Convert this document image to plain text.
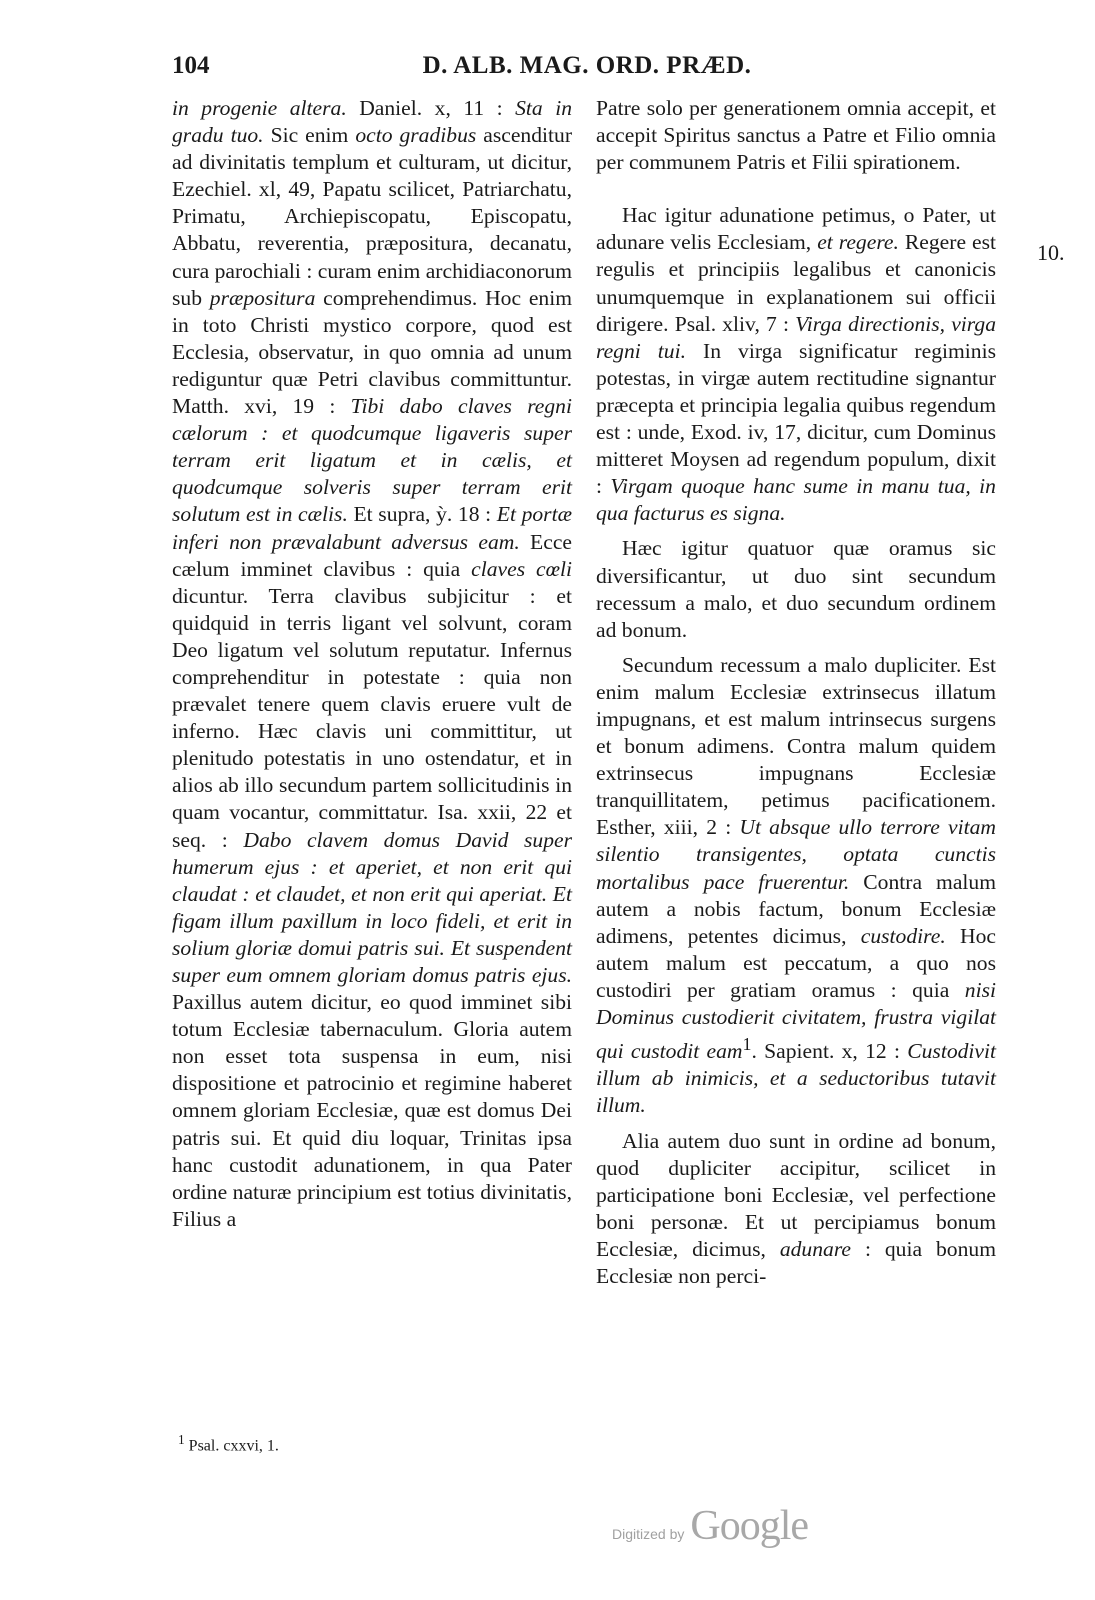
104	D. ALB. MAG. ORD. PRÆD.

in progenie altera. Daniel. x, 11 : Sta in gradu tuo. Sic enim octo gradibus ascenditur ad divinitatis templum et culturam, ut dicitur, Ezechiel. xl, 49, Papatu scilicet, Patriarchatu, Primatu, Archiepiscopatu, Episcopatu, Abbatu, reverentia, præpositura, decanatu, cura parochiali : curam enim archidiaconorum sub præpositura comprehendimus. Hoc enim in toto Christi mystico corpore, quod est Ecclesia, observatur, in quo omnia ad unum rediguntur quæ Petri clavibus committuntur. Matth. xvi, 19 : Tibi dabo claves regni cælorum : et quodcumque ligaveris super terram erit ligatum et in cælis, et quodcumque solveris super terram erit solutum est in cælis. Et supra, ỳ. 18 : Et portæ inferi non prævalabunt adversus eam. Ecce cælum imminet clavibus : quia claves cœli dicuntur. Terra clavibus subjicitur : et quidquid in terris ligant vel solvunt, coram Deo ligatum vel solutum reputatur. Infernus comprehenditur in potestate : quia non prævalet tenere quem clavis eruere vult de inferno. Hæc clavis uni committitur, ut plenitudo potestatis in uno ostendatur, et in alios ab illo secundum partem sollicitudinis in quam vocantur, committatur. Isa. xxii, 22 et seq. : Dabo clavem domus David super humerum ejus : et aperiet, et non erit qui claudat : et claudet, et non erit qui aperiat. Et figam illum paxillum in loco fideli, et erit in solium gloriæ domui patris sui. Et suspendent super eum omnem gloriam domus patris ejus. Paxillus autem dicitur, eo quod imminet sibi totum Ecclesiæ tabernaculum. Gloria autem non esset tota suspensa in eum, nisi dispositione et patrocinio et regimine haberet omnem gloriam Ecclesiæ, quæ est domus Dei patris sui. Et quid diu loquar, Trinitas ipsa hanc custodit adunationem, in qua Pater ordine naturæ principium est totius divinitatis, Filius a

Patre solo per generationem omnia accepit, et accepit Spiritus sanctus a Patre et Filio omnia per communem Patris et Filii spirationem.

Hac igitur adunatione petimus, o Pater, ut adunare velis Ecclesiam, et regere. Regere est regulis et principiis legalibus et canonicis unumquemque in explanationem sui officii dirigere. Psal. xliv, 7 : Virga directionis, virga regni tui. In virga significatur regiminis potestas, in virgæ autem rectitudine signantur præcepta et principia legalia quibus regendum est : unde, Exod. iv, 17, dicitur, cum Dominus mitteret Moysen ad regendum populum, dixit : Virgam quoque hanc sume in manu tua, in qua facturus es signa.

Hæc igitur quatuor quæ oramus sic diversificantur, ut duo sint secundum recessum a malo, et duo secundum ordinem ad bonum.

Secundum recessum a malo dupliciter. Est enim malum Ecclesiæ extrinsecus illatum impugnans, et est malum intrinsecus surgens et bonum adimens. Contra malum quidem extrinsecus impugnans Ecclesiæ tranquillitatem, petimus pacificationem. Esther, xiii, 2 : Ut absque ullo terrore vitam silentio transigentes, optata cunctis mortalibus pace fruerentur. Contra malum autem a nobis factum, bonum Ecclesiæ adimens, petentes dicimus, custodire. Hoc autem malum est peccatum, a quo nos custodiri per gratiam oramus : quia nisi Dominus custodierit civitatem, frustra vigilat qui custodit eam$^1$. Sapient. x, 12 : Custodivit illum ab inimicis, et a seductoribus tutavit illum.

Alia autem duo sunt in ordine ad bonum, quod dupliciter accipitur, scilicet in participatione boni Ecclesiæ, vel perfectione boni personæ. Et ut percipiamus bonum Ecclesiæ, dicimus, adunare : quia bonum Ecclesiæ non perci-

10.
$^1$ Psal. cxxvi, 1.
Digitized by Google
